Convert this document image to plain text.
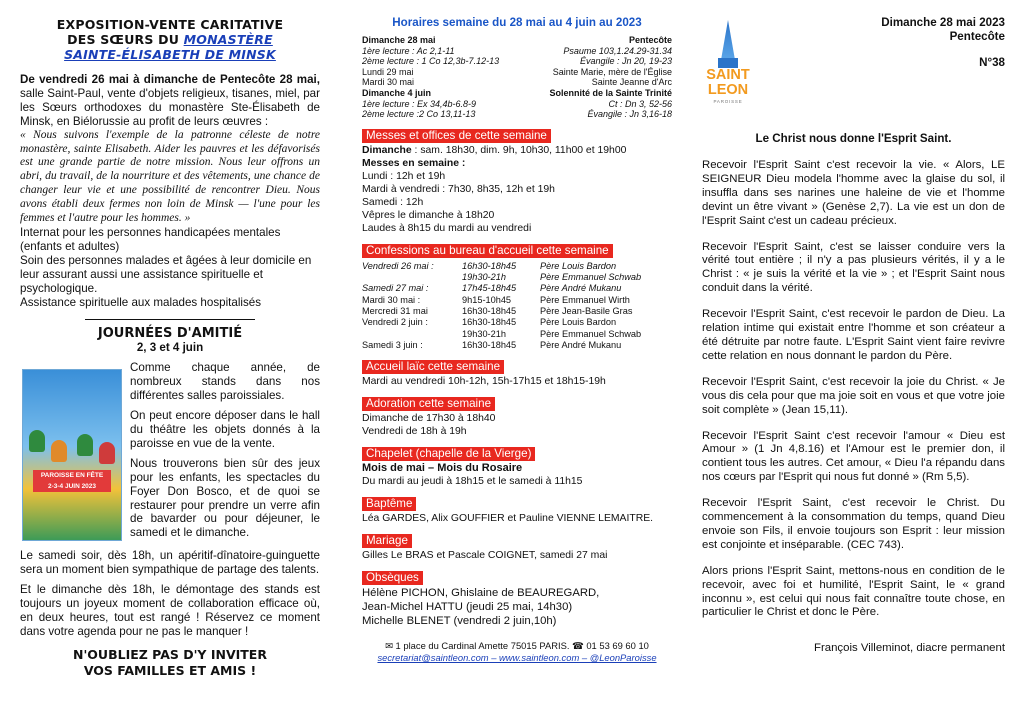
EXPOSITION-VENTE CARITATIVE
DES SŒURS DU MONASTÈRE
SAINTE-ÉLISABETH DE MINSK
De vendredi 26 mai à dimanche de Pentecôte 28 mai, salle Saint-Paul, vente d'objets religieux, tisanes, miel, par les Sœurs orthodoxes du monastère Ste-Élisabeth de Minsk, en Biélorussie au profit de leurs œuvres :
« Nous suivons l'exemple de la patronne céleste de notre monastère, sainte Elisabeth. Aider les pauvres et les défavorisés est une grande partie de notre mission. Nous leur offrons un abri, du travail, de la nourriture et des vêtements, une chance de changer leur vie et une possibilité de rencontrer Dieu. Nous avons établi deux fermes non loin de Minsk — l'une pour les femmes et l'autre pour les hommes. »
Internat pour les personnes handicapées mentales (enfants et adultes)
Soin des personnes malades et âgées à leur domicile en leur assurant aussi une assistance spirituelle et psychologique.
Assistance spirituelle aux malades hospitalisés
JOURNÉES D'AMITIÉ
2, 3 et 4 juin
PAROISSE EN FÊTE
2-3-4 JUIN 2023
Comme chaque année, de nombreux stands dans nos différentes salles paroissiales.
On peut encore déposer dans le hall du théâtre les objets donnés à la paroisse en vue de la vente.
Nous trouverons bien sûr des jeux pour les enfants, les spectacles du Foyer Don Bosco, et de quoi se restaurer pour prendre un verre afin de bavarder ou pour déjeuner, le samedi et le dimanche.
Le samedi soir, dès 18h, un apéritif-dînatoire-guinguette sera un moment bien sympathique de partage des talents.
Et le dimanche dès 18h, le démontage des stands est toujours un joyeux moment de collaboration efficace où, en deux heures, tout est rangé ! Réservez ce moment dans votre agenda pour ne pas le manquer !
N'OUBLIEZ PAS D'Y INVITER
VOS FAMILLES ET AMIS !
Horaires semaine du 28 mai au 4 juin au 2023
Dimanche 28 mai	Pentecôte
1ère lecture : Ac 2,1-11	Psaume 103,1.24.29-31.34
2ème lecture : 1 Co 12,3b-7.12-13	Évangile : Jn 20, 19-23
Lundi 29 mai	Sainte Marie, mère de l'Église
Mardi 30 mai	Sainte Jeanne d'Arc
Dimanche 4 juin	Solennité de la Sainte Trinité
1ère lecture : Ex 34,4b-6.8-9	Ct : Dn 3, 52-56
2ème lecture :2 Co 13,11-13	Évangile : Jn 3,16-18
Messes et offices de cette semaine
Dimanche : sam. 18h30, dim. 9h, 10h30, 11h00 et 19h00
Messes en semaine :
Lundi : 12h et 19h
Mardi à vendredi : 7h30, 8h35, 12h et 19h
Samedi : 12h
Vêpres le dimanche à 18h20
Laudes à 8h15 du mardi au vendredi
Confessions au bureau d'accueil cette semaine
Vendredi 26 mai :	16h30-18h45	Père Louis Bardon
	19h30-21h	Père Emmanuel Schwab
Samedi 27 mai :	17h45-18h45	Père André Mukanu
Mardi 30 mai :	9h15-10h45	Père Emmanuel Wirth
Mercredi 31 mai	16h30-18h45	Père Jean-Basile Gras
Vendredi 2 juin :	16h30-18h45	Père Louis Bardon
	19h30-21h	Père Emmanuel Schwab
Samedi 3 juin :	16h30-18h45	Père André Mukanu
Accueil laïc cette semaine
Mardi au vendredi 10h-12h, 15h-17h15 et 18h15-19h
Adoration cette semaine
Dimanche de 17h30 à 18h40
Vendredi de 18h à 19h
Chapelet (chapelle de la Vierge)
Mois de mai – Mois du Rosaire
Du mardi au jeudi à 18h15 et le samedi à 11h15
Baptême
Léa GARDES, Alix GOUFFIER et Pauline VIENNE LEMAITRE.
Mariage
Gilles Le BRAS et Pascale COIGNET, samedi 27 mai
Obsèques
Hélène PICHON, Ghislaine de BEAUREGARD,
Jean-Michel HATTU (jeudi 25 mai, 14h30)
Michelle BLENET (vendredi 2 juin,10h)
✉ 1 place du Cardinal Amette 75015 PARIS. ☎ 01 53 69 60 10
secretariat@saintleon.com – www.saintleon.com – @LeonParoisse
SAINT
LEON
PAROISSE
Dimanche 28 mai 2023
Pentecôte
N°38
Le Christ nous donne l'Esprit Saint.
Recevoir l'Esprit Saint c'est recevoir la vie. « Alors, LE SEIGNEUR Dieu modela l'homme avec la glaise du sol, il insuffla dans ses narines une haleine de vie et l'homme devint un être vivant » (Genèse 2,7). La vie est un don de l'Esprit Saint c'est un cadeau précieux.
Recevoir l'Esprit Saint, c'est se laisser conduire vers la vérité tout entière ; il n'y a pas plusieurs vérités, il y a le Christ : « je suis la vérité et la vie » ; et l'Esprit Saint nous conduit dans la vérité.
Recevoir l'Esprit Saint, c'est recevoir le pardon de Dieu. La relation intime qui existait entre l'homme et son créateur a été détruite par notre faute. L'Esprit Saint vient faire revivre cette relation en nous donnant le pardon du Père.
Recevoir l'Esprit Saint, c'est recevoir la joie du Christ. « Je vous dis cela pour que ma joie soit en vous et que votre joie soit complète » (Jean 15,11).
Recevoir l'Esprit Saint c'est recevoir l'amour « Dieu est Amour » (1 Jn 4,8.16) et l'Amour est le premier don, il contient tous les autres. Cet amour, « Dieu l'a répandu dans nos cœurs par l'Esprit qui nous fut donné » (Rm 5,5).
Recevoir l'Esprit Saint, c'est recevoir le Christ. Du commencement à la consommation du temps, quand Dieu envoie son Fils, il envoie toujours son Esprit : leur mission est conjointe et inséparable. (CEC 743).
Alors prions l'Esprit Saint, mettons-nous en condition de le recevoir, avec foi et humilité, l'Esprit Saint, le « grand inconnu », est celui qui nous fait connaître toute chose, en particulier le Christ et donc le Père.
François Villeminot, diacre permanent
